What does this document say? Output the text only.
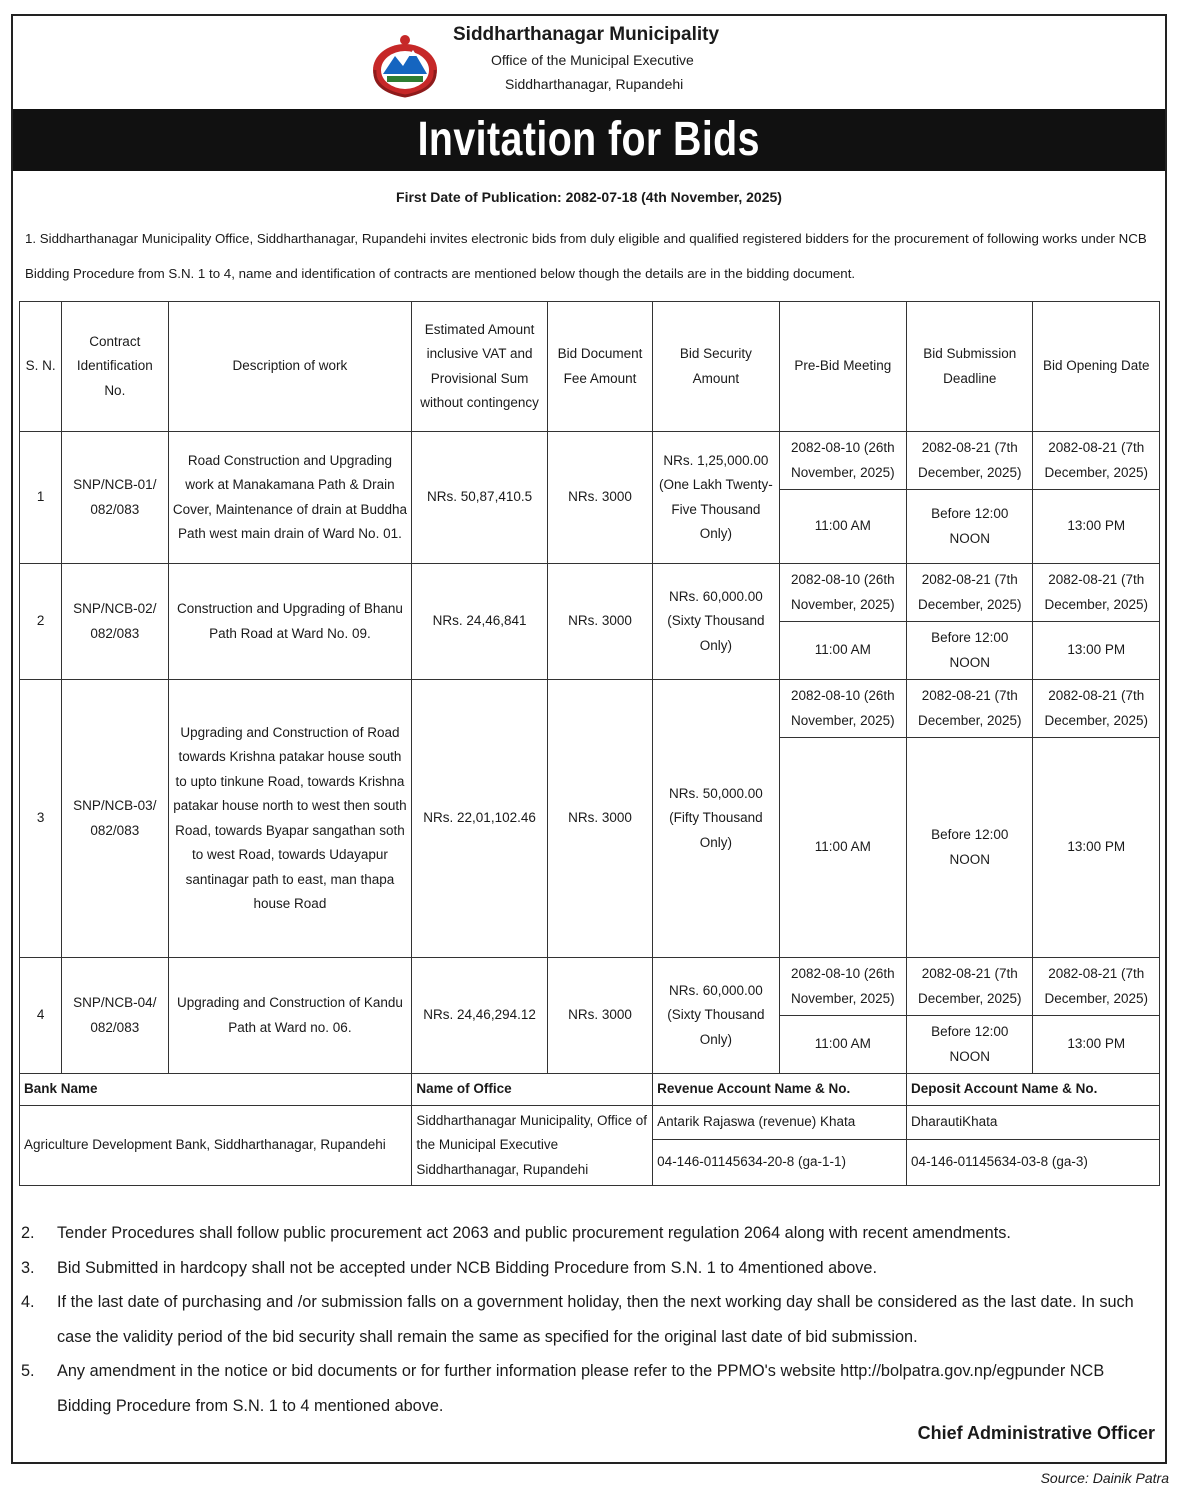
Siddharthanagar Municipality
Office of the Municipal Executive
Siddharthanagar, Rupandehi
Invitation for Bids
First Date of Publication: 2082-07-18 (4th November, 2025)
1. Siddharthanagar Municipality Office, Siddharthanagar, Rupandehi invites electronic bids from duly eligible and qualified registered bidders for the procurement of following works under NCB Bidding Procedure from S.N. 1 to 4, name and identification of contracts are mentioned below though the details are in the bidding document.
S. N.	Contract Identification No.	Description of work	Estimated Amount inclusive VAT and Provisional Sum without contingency	Bid Document Fee Amount	Bid Security Amount	Pre-Bid Meeting	Bid Submission Deadline	Bid Opening Date
1	SNP/NCB-01/ 082/083	Road Construction and Upgrading work at Manakamana Path & Drain Cover, Maintenance of drain at Buddha Path west main drain of Ward No. 01.	NRs. 50,87,410.5	NRs. 3000	NRs. 1,25,000.00 (One Lakh Twenty-Five Thousand Only)	2082-08-10 (26th November, 2025)	2082-08-21 (7th December, 2025)	2082-08-21 (7th December, 2025)
						11:00 AM	Before 12:00 NOON	13:00 PM
2	SNP/NCB-02/ 082/083	Construction and Upgrading of Bhanu Path Road at Ward No. 09.	NRs. 24,46,841	NRs. 3000	NRs. 60,000.00 (Sixty Thousand Only)	2082-08-10 (26th November, 2025)	2082-08-21 (7th December, 2025)	2082-08-21 (7th December, 2025)
						11:00 AM	Before 12:00 NOON	13:00 PM
3	SNP/NCB-03/ 082/083	Upgrading and Construction of Road towards Krishna patakar house south to upto tinkune Road, towards Krishna patakar house north to west then south Road, towards Byapar sangathan soth to west Road, towards Udayapur santinagar path to east, man thapa house Road	NRs. 22,01,102.46	NRs. 3000	NRs. 50,000.00 (Fifty Thousand Only)	2082-08-10 (26th November, 2025)	2082-08-21 (7th December, 2025)	2082-08-21 (7th December, 2025)
						11:00 AM	Before 12:00 NOON	13:00 PM
4	SNP/NCB-04/ 082/083	Upgrading and Construction of Kandu Path at Ward no. 06.	NRs. 24,46,294.12	NRs. 3000	NRs. 60,000.00 (Sixty Thousand Only)	2082-08-10 (26th November, 2025)	2082-08-21 (7th December, 2025)	2082-08-21 (7th December, 2025)
						11:00 AM	Before 12:00 NOON	13:00 PM
Bank Name			Name of Office		Revenue Account Name & No.		Deposit Account Name & No.	
Agriculture Development Bank, Siddharthanagar, Rupandehi			Siddharthanagar Municipality, Office of the Municipal Executive Siddharthanagar, Rupandehi		Antarik Rajaswa (revenue) Khata		DharautiKhata	
					04-146-01145634-20-8 (ga-1-1)		04-146-01145634-03-8 (ga-3)	
2.	Tender Procedures shall follow public procurement act 2063 and public procurement regulation 2064 along with recent amendments.
3.	Bid Submitted in hardcopy shall not be accepted under NCB Bidding Procedure from S.N. 1 to 4mentioned above.
4.	If the last date of purchasing and /or submission falls on a government holiday, then the next working day shall be considered as the last date. In such case the validity period of the bid security shall remain the same as specified for the original last date of bid submission.
5.	Any amendment in the notice or bid documents or for further information please refer to the PPMO's website http://bolpatra.gov.np/egpunder NCB Bidding Procedure from S.N. 1 to 4 mentioned above.
Chief Administrative Officer
Source: Dainik Patra
